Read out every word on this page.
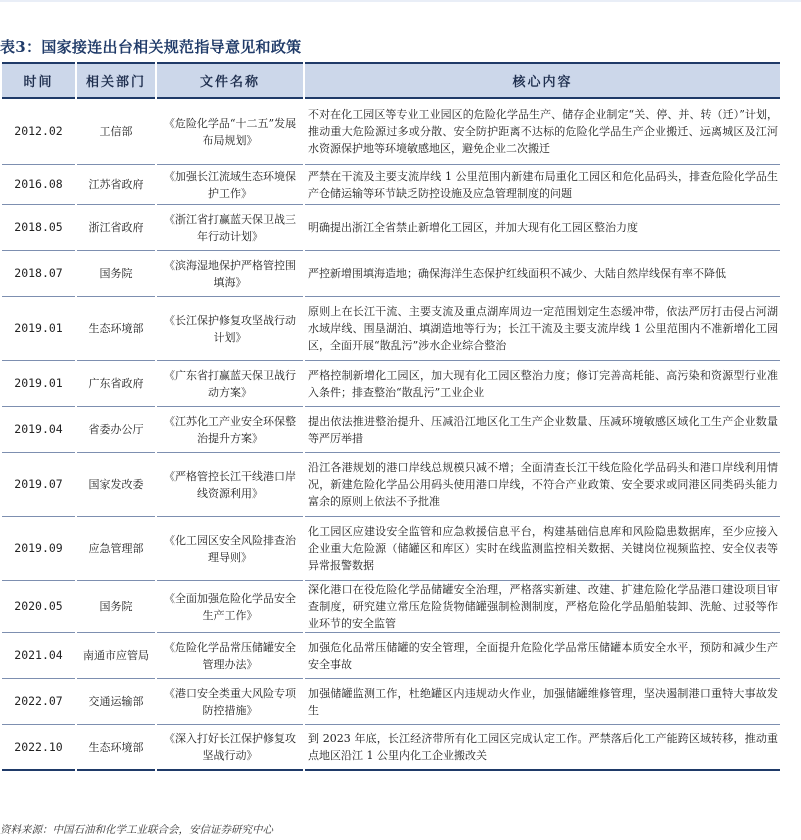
表3：国家接连出台相关规范指导意见和政策
时间	相关部门	文件名称	核心内容
2012.02	工信部	《危险化学品“十二五”发展布局规划》	不对在化工园区等专业工业园区的危险化学品生产、储存企业制定“关、停、并、转（迁）”计划，推动重大危险源过多或分散、安全防护距离不达标的危险化学品生产企业搬迁、远离城区及江河水资源保护地等环境敏感地区，避免企业二次搬迁
2016.08	江苏省政府	《加强长江流域生态环境保护工作》	严禁在干流及主要支流岸线 1 公里范围内新建布局重化工园区和危化品码头，排查危险化学品生产仓储运输等环节缺乏防控设施及应急管理制度的问题
2018.05	浙江省政府	《浙江省打赢蓝天保卫战三年行动计划》	明确提出浙江全省禁止新增化工园区，并加大现有化工园区整治力度
2018.07	国务院	《滨海湿地保护严格管控围填海》	严控新增围填海造地；确保海洋生态保护红线面积不减少、大陆自然岸线保有率不降低
2019.01	生态环境部	《长江保护修复攻坚战行动计划》	原则上在长江干流、主要支流及重点湖库周边一定范围划定生态缓冲带，依法严厉打击侵占河湖水域岸线、围垦湖泊、填湖造地等行为；长江干流及主要支流岸线 1 公里范围内不准新增化工园区，全面开展“散乱污”涉水企业综合整治
2019.01	广东省政府	《广东省打赢蓝天保卫战行动方案》	严格控制新增化工园区，加大现有化工园区整治力度；修订完善高耗能、高污染和资源型行业准入条件；排查整治“散乱污”工业企业
2019.04	省委办公厅	《江苏化工产业安全环保整治提升方案》	提出依法推进整治提升、压减沿江地区化工生产企业数量、压减环境敏感区域化工生产企业数量等严厉举措
2019.07	国家发改委	《严格管控长江干线港口岸线资源利用》	沿江各港规划的港口岸线总规模只减不增；全面清查长江干线危险化学品码头和港口岸线利用情况，新建危险化学品公用码头使用港口岸线，不符合产业政策、安全要求或同港区同类码头能力富余的原则上依法不予批准
2019.09	应急管理部	《化工园区安全风险排查治理导则》	化工园区应建设安全监管和应急救援信息平台，构建基础信息库和风险隐患数据库，至少应接入企业重大危险源（储罐区和库区）实时在线监测监控相关数据、关键岗位视频监控、安全仪表等异常报警数据
2020.05	国务院	《全面加强危险化学品安全生产工作》	深化港口在役危险化学品储罐安全治理，严格落实新建、改建、扩建危险化学品港口建设项目审查制度，研究建立常压危险货物储罐强制检测制度，严格危险化学品船舶装卸、洗舱、过驳等作业环节的安全监管
2021.04	南通市应管局	《危险化学品常压储罐安全管理办法》	加强危化品常压储罐的安全管理，全面提升危险化学品常压储罐本质安全水平，预防和减少生产安全事故
2022.07	交通运输部	《港口安全类重大风险专项防控措施》	加强储罐监测工作，杜绝罐区内违规动火作业，加强储罐维修管理，坚决遏制港口重特大事故发生
2022.10	生态环境部	《深入打好长江保护修复攻坚战行动》	到 2023 年底，长江经济带所有化工园区完成认定工作。严禁落后化工产能跨区域转移，推动重点地区沿江 1 公里内化工企业搬改关
资料来源：中国石油和化学工业联合会，安信证券研究中心
